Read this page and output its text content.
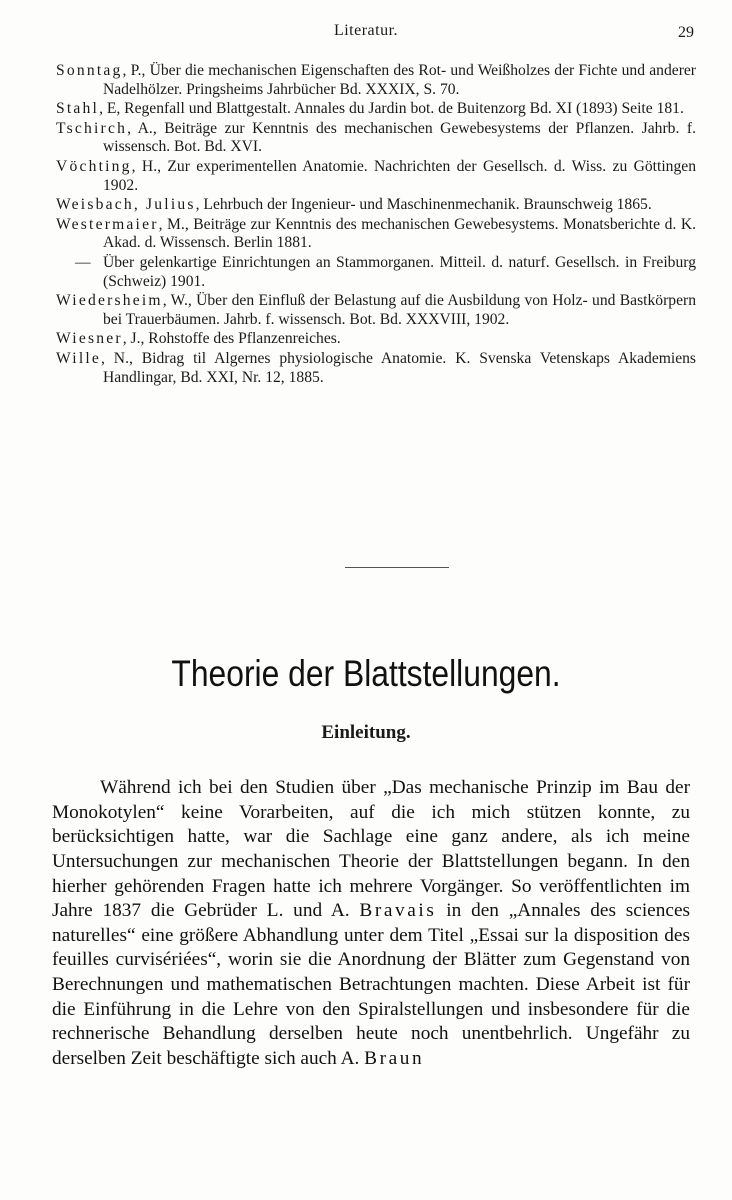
Literatur.	29

Sonntag, P., Über die mechanischen Eigenschaften des Rot- und Weißholzes der Fichte und anderer Nadelhölzer. Pringsheims Jahrbücher Bd. XXXIX, S. 70.

Stahl, E, Regenfall und Blattgestalt. Annales du Jardin bot. de Buitenzorg Bd. XI (1893) Seite 181.

Tschirch, A., Beiträge zur Kenntnis des mechanischen Gewebesystems der Pflanzen. Jahrb. f. wissensch. Bot. Bd. XVI.

Vöchting, H., Zur experimentellen Anatomie. Nachrichten der Gesellsch. d. Wiss. zu Göttingen 1902.

Weisbach, Julius, Lehrbuch der Ingenieur- und Maschinenmechanik. Braunschweig 1865.

Westermaier, M., Beiträge zur Kenntnis des mechanischen Gewebesystems. Monatsberichte d. K. Akad. d. Wissensch. Berlin 1881.

— Über gelenkartige Einrichtungen an Stammorganen. Mitteil. d. naturf. Gesellsch. in Freiburg (Schweiz) 1901.

Wiedersheim, W., Über den Einfluß der Belastung auf die Ausbildung von Holz- und Bastkörpern bei Trauerbäumen. Jahrb. f. wissensch. Bot. Bd. XXXVIII, 1902.

Wiesner, J., Rohstoffe des Pflanzenreiches.

Wille, N., Bidrag til Algernes physiologische Anatomie. K. Svenska Vetenskaps Akademiens Handlingar, Bd. XXI, Nr. 12, 1885.

Theorie der Blattstellungen.
Einleitung.

Während ich bei den Studien über „Das mechanische Prinzip im Bau der Monokotylen“ keine Vorarbeiten, auf die ich mich stützen konnte, zu berücksichtigen hatte, war die Sachlage eine ganz andere, als ich meine Untersuchungen zur mechanischen Theorie der Blattstellungen begann. In den hierher gehörenden Fragen hatte ich mehrere Vorgänger. So veröffentlichten im Jahre 1837 die Gebrüder L. und A. Bravais in den „Annales des sciences naturelles“ eine größere Abhandlung unter dem Titel „Essai sur la disposition des feuilles curvisériées“, worin sie die Anordnung der Blätter zum Gegenstand von Berechnungen und mathematischen Betrachtungen machten. Diese Arbeit ist für die Einführung in die Lehre von den Spiralstellungen und insbesondere für die rechnerische Behandlung derselben heute noch unentbehrlich. Ungefähr zu derselben Zeit beschäftigte sich auch A. Braun
